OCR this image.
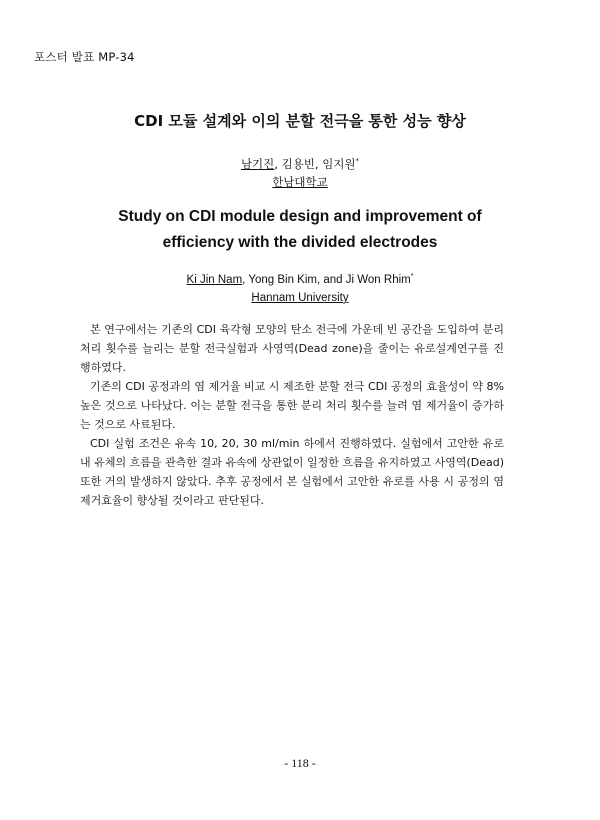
포스터 발표 MP-34
CDI 모듈 설계와 이의 분할 전극을 통한 성능 향상
남기진, 김용빈, 임지원*
한남대학교
Study on CDI module design and improvement of
efficiency with the divided electrodes
Ki Jin Nam, Yong Bin Kim, and Ji Won Rhim*
Hannam University

본 연구에서는 기존의 CDI 육각형 모양의 탄소 전극에 가운데 빈 공간을 도입하여 분리 처리 횟수를 늘리는 분할 전극실험과 사영역(Dead zone)을 줄이는 유로설계연구를 진행하였다.

기존의 CDI 공정과의 염 제거율 비교 시 제조한 분할 전극 CDI 공정의 효율성이 약 8% 높은 것으로 나타났다. 이는 분할 전극을 통한 분리 처리 횟수를 늘려 염 제거율이 증가하는 것으로 사료된다.

CDI 실험 조건은 유속 10, 20, 30 ml/min 하에서 진행하였다. 실험에서 고안한 유로 내 유체의 흐름을 관측한 결과 유속에 상관없이 일정한 흐름을 유지하였고 사영역(Dead) 또한 거의 발생하지 않았다. 추후 공정에서 본 실험에서 고안한 유로를 사용 시 공정의 염 제거효율이 향상될 것이라고 판단된다.

- 118 -
